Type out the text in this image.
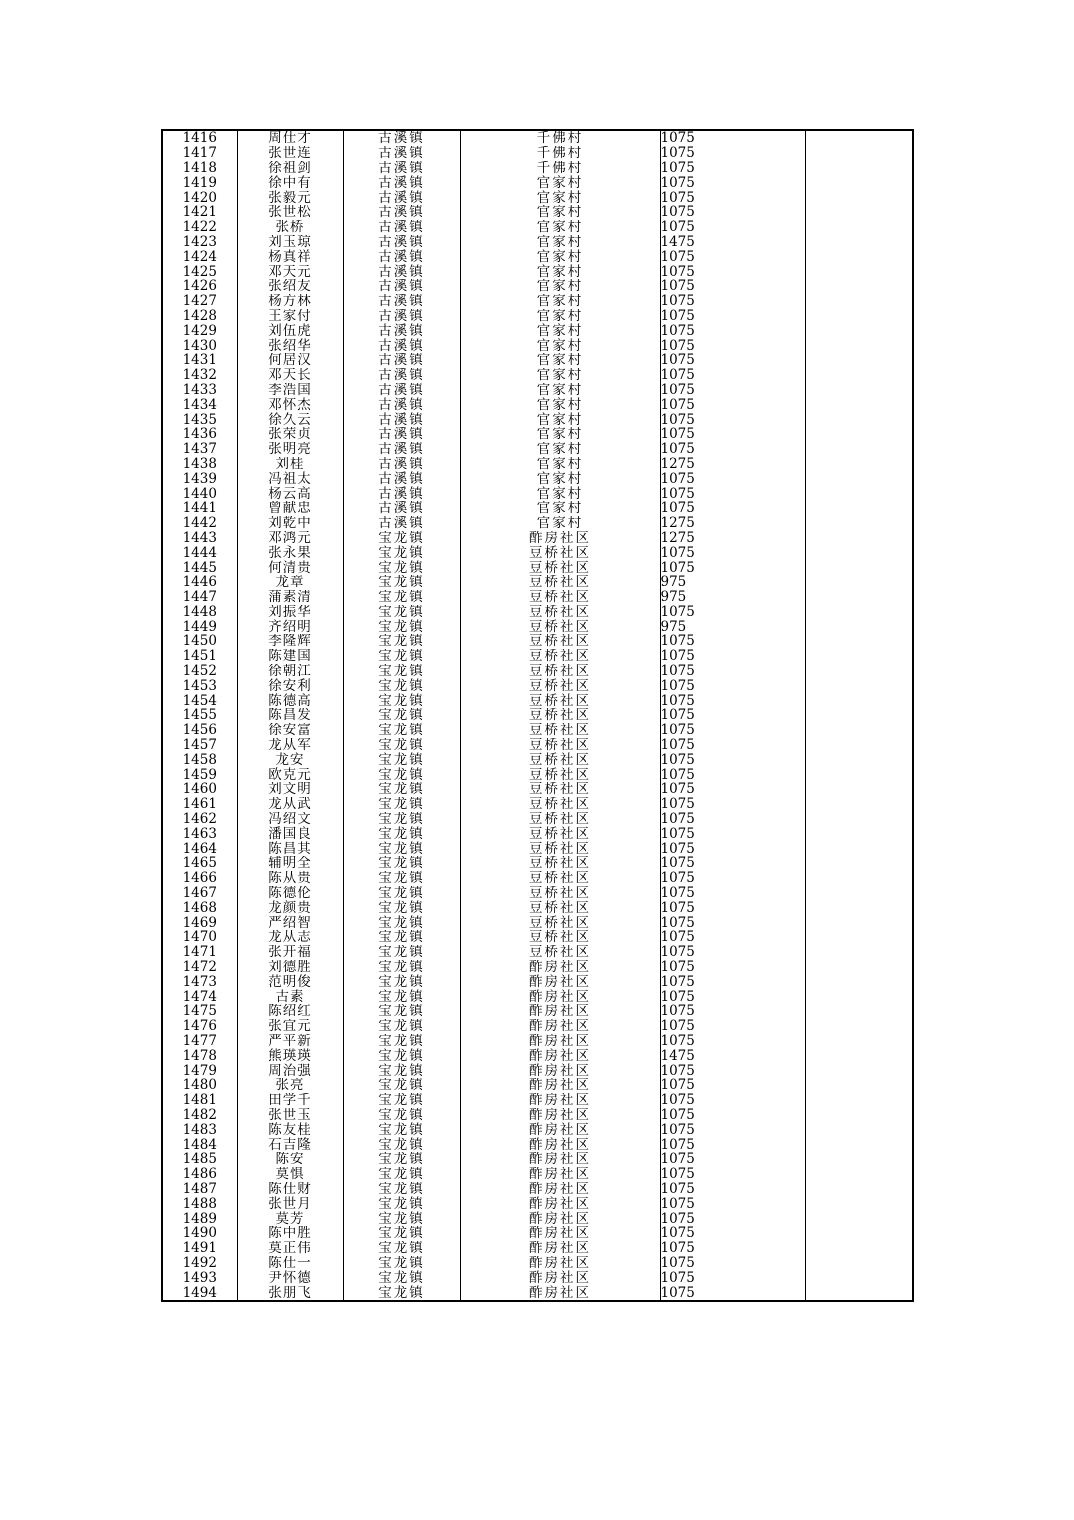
1416	周仕才	古溪镇	千佛村	1075	
1417	张世连	古溪镇	千佛村	1075	
1418	徐祖剑	古溪镇	千佛村	1075	
1419	徐中有	古溪镇	官家村	1075	
1420	张毅元	古溪镇	官家村	1075	
1421	张世松	古溪镇	官家村	1075	
1422	张桥	古溪镇	官家村	1075	
1423	刘玉琼	古溪镇	官家村	1475	
1424	杨真祥	古溪镇	官家村	1075	
1425	邓天元	古溪镇	官家村	1075	
1426	张绍友	古溪镇	官家村	1075	
1427	杨方林	古溪镇	官家村	1075	
1428	王家付	古溪镇	官家村	1075	
1429	刘伍虎	古溪镇	官家村	1075	
1430	张绍华	古溪镇	官家村	1075	
1431	何居汉	古溪镇	官家村	1075	
1432	邓天长	古溪镇	官家村	1075	
1433	李浩国	古溪镇	官家村	1075	
1434	邓怀杰	古溪镇	官家村	1075	
1435	徐久云	古溪镇	官家村	1075	
1436	张荣贞	古溪镇	官家村	1075	
1437	张明亮	古溪镇	官家村	1075	
1438	刘桂	古溪镇	官家村	1275	
1439	冯祖太	古溪镇	官家村	1075	
1440	杨云高	古溪镇	官家村	1075	
1441	曾献忠	古溪镇	官家村	1075	
1442	刘乾中	古溪镇	官家村	1275	
1443	邓鸿元	宝龙镇	酢房社区	1275	
1444	张永果	宝龙镇	豆桥社区	1075	
1445	何清贵	宝龙镇	豆桥社区	1075	
1446	龙章	宝龙镇	豆桥社区	975	
1447	蒲素清	宝龙镇	豆桥社区	975	
1448	刘振华	宝龙镇	豆桥社区	1075	
1449	齐绍明	宝龙镇	豆桥社区	975	
1450	李隆辉	宝龙镇	豆桥社区	1075	
1451	陈建国	宝龙镇	豆桥社区	1075	
1452	徐朝江	宝龙镇	豆桥社区	1075	
1453	徐安利	宝龙镇	豆桥社区	1075	
1454	陈德高	宝龙镇	豆桥社区	1075	
1455	陈昌发	宝龙镇	豆桥社区	1075	
1456	徐安富	宝龙镇	豆桥社区	1075	
1457	龙从军	宝龙镇	豆桥社区	1075	
1458	龙安	宝龙镇	豆桥社区	1075	
1459	欧克元	宝龙镇	豆桥社区	1075	
1460	刘文明	宝龙镇	豆桥社区	1075	
1461	龙从武	宝龙镇	豆桥社区	1075	
1462	冯绍文	宝龙镇	豆桥社区	1075	
1463	潘国良	宝龙镇	豆桥社区	1075	
1464	陈昌其	宝龙镇	豆桥社区	1075	
1465	辅明全	宝龙镇	豆桥社区	1075	
1466	陈从贵	宝龙镇	豆桥社区	1075	
1467	陈德伦	宝龙镇	豆桥社区	1075	
1468	龙颜贵	宝龙镇	豆桥社区	1075	
1469	严绍智	宝龙镇	豆桥社区	1075	
1470	龙从志	宝龙镇	豆桥社区	1075	
1471	张开福	宝龙镇	豆桥社区	1075	
1472	刘德胜	宝龙镇	酢房社区	1075	
1473	范明俊	宝龙镇	酢房社区	1075	
1474	古素	宝龙镇	酢房社区	1075	
1475	陈绍红	宝龙镇	酢房社区	1075	
1476	张宜元	宝龙镇	酢房社区	1075	
1477	严平新	宝龙镇	酢房社区	1075	
1478	熊瑛瑛	宝龙镇	酢房社区	1475	
1479	周治强	宝龙镇	酢房社区	1075	
1480	张亮	宝龙镇	酢房社区	1075	
1481	田学千	宝龙镇	酢房社区	1075	
1482	张世玉	宝龙镇	酢房社区	1075	
1483	陈友桂	宝龙镇	酢房社区	1075	
1484	石吉隆	宝龙镇	酢房社区	1075	
1485	陈安	宝龙镇	酢房社区	1075	
1486	莫惧	宝龙镇	酢房社区	1075	
1487	陈仕财	宝龙镇	酢房社区	1075	
1488	张世月	宝龙镇	酢房社区	1075	
1489	莫芳	宝龙镇	酢房社区	1075	
1490	陈中胜	宝龙镇	酢房社区	1075	
1491	莫正伟	宝龙镇	酢房社区	1075	
1492	陈仕一	宝龙镇	酢房社区	1075	
1493	尹怀德	宝龙镇	酢房社区	1075	
1494	张朋飞	宝龙镇	酢房社区	1075	
